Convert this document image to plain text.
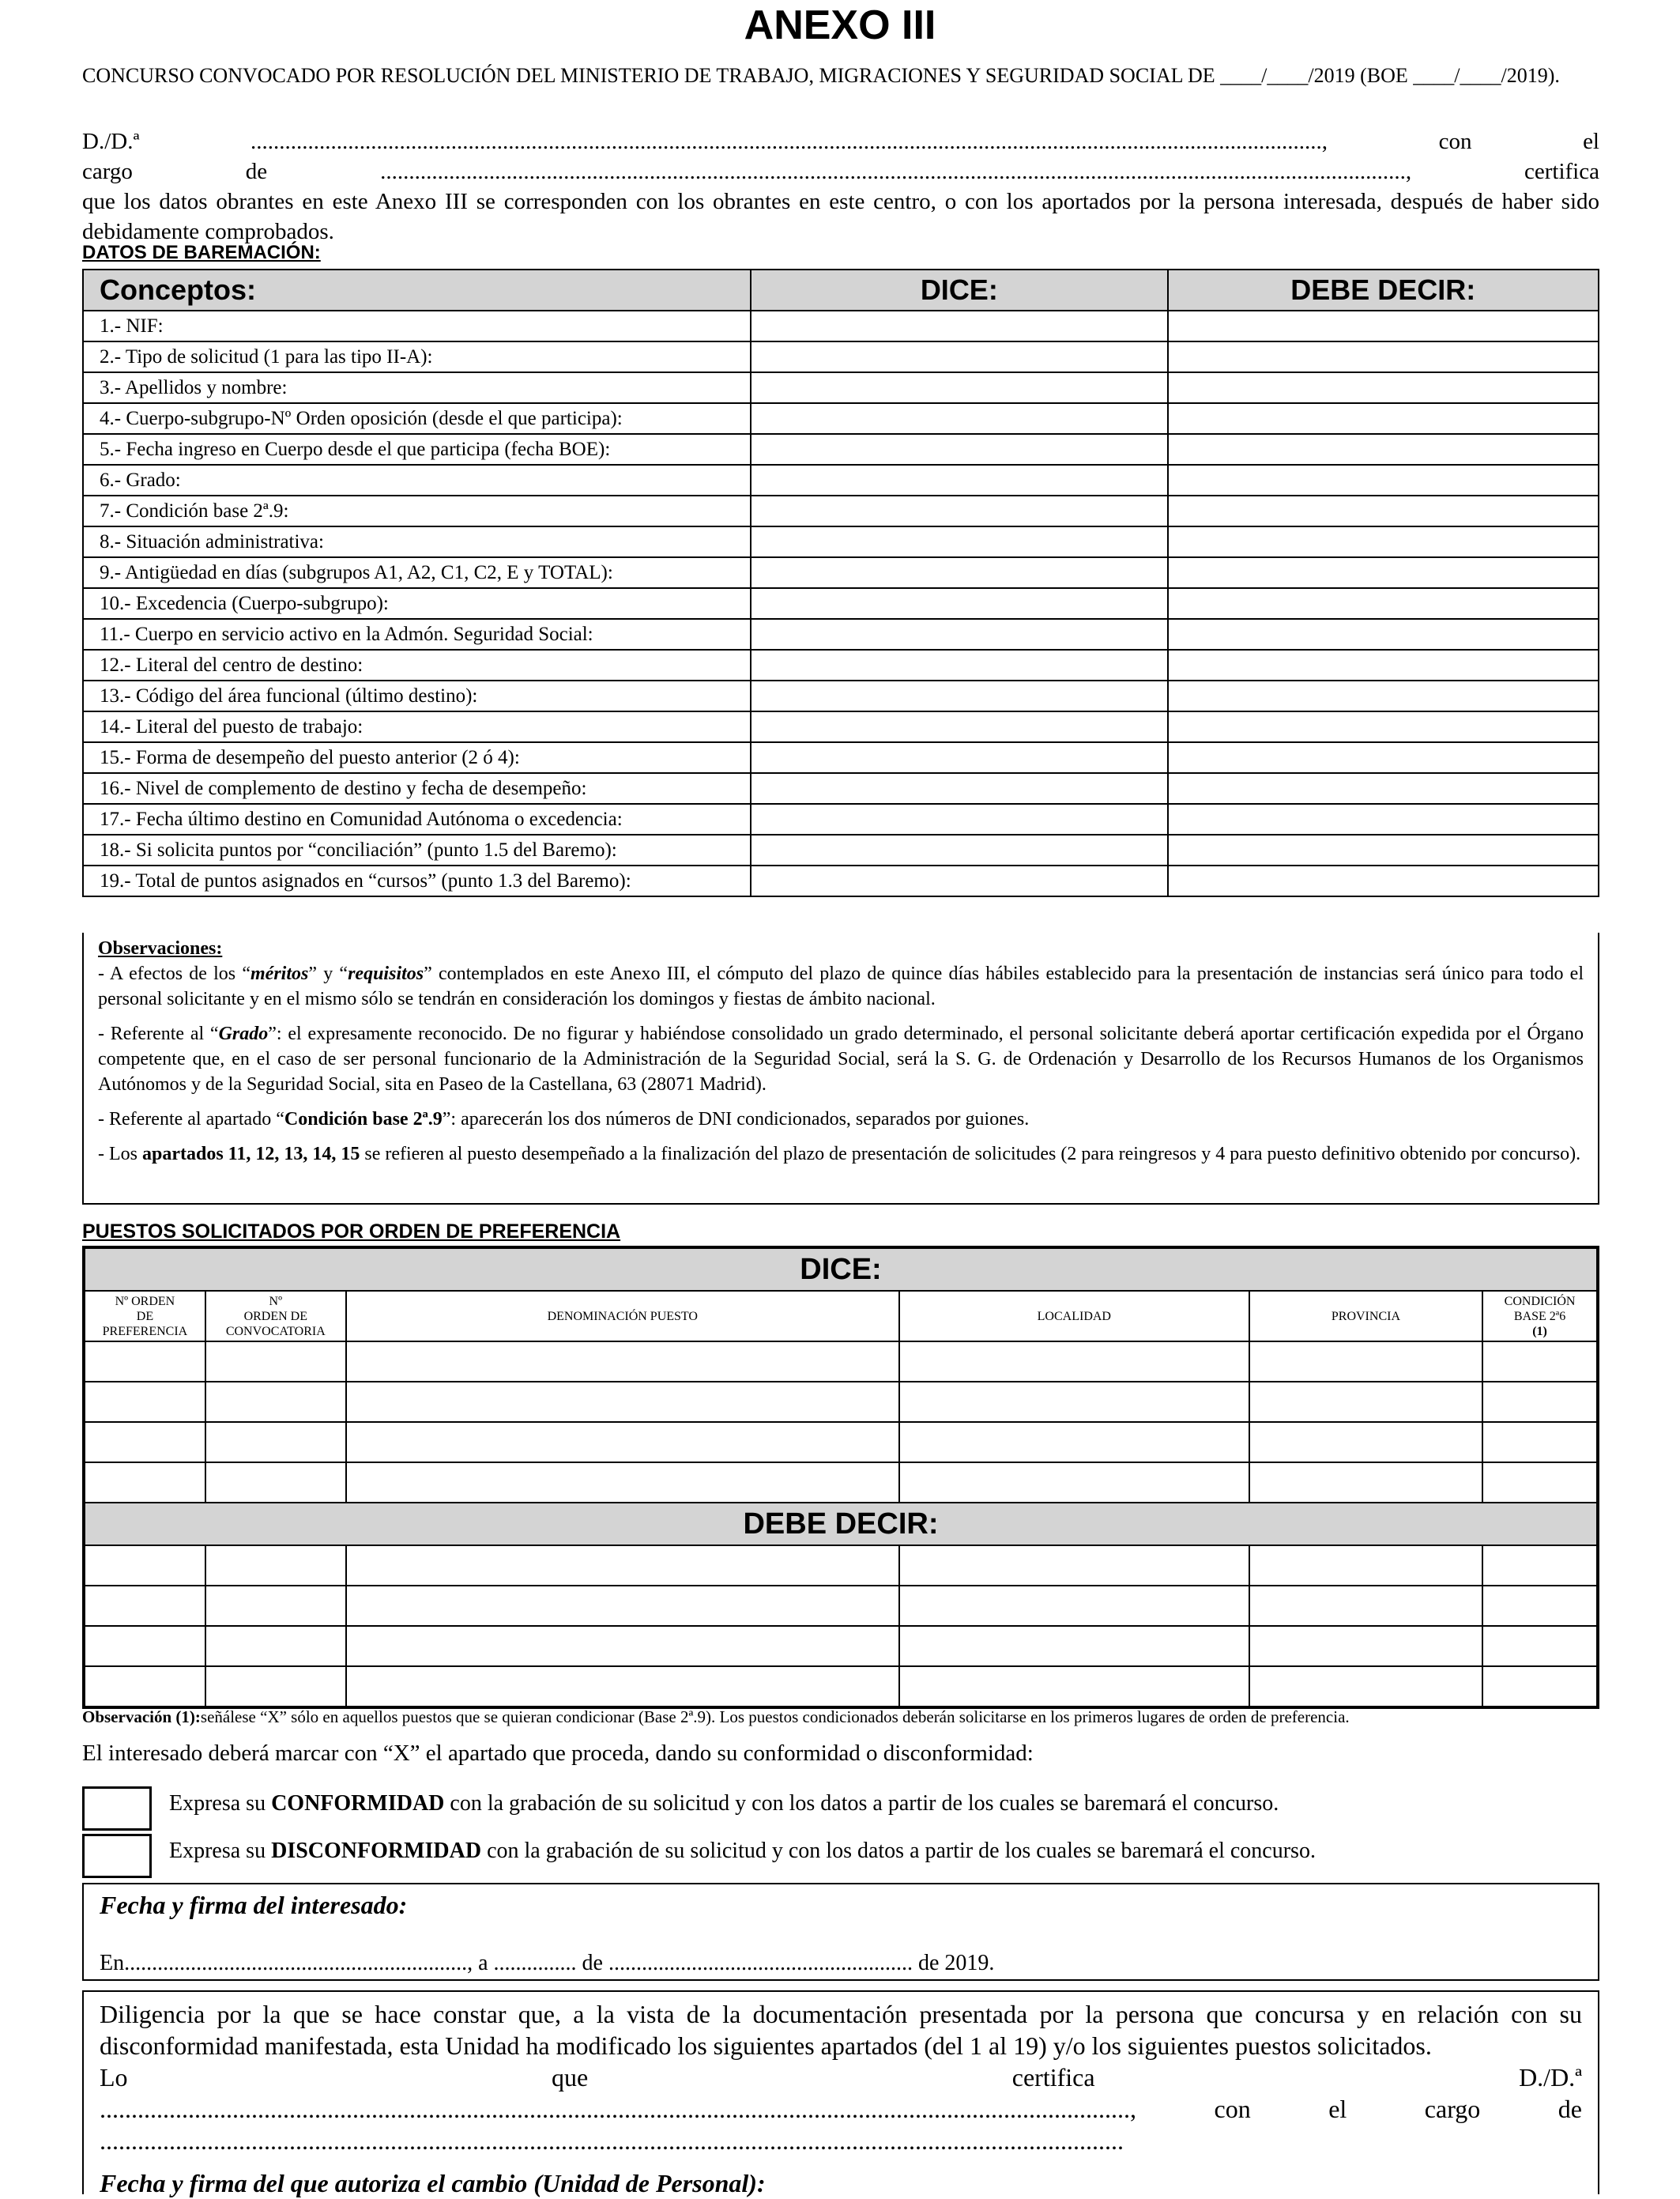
ANEXO III
CONCURSO CONVOCADO POR RESOLUCIÓN DEL MINISTERIO DE TRABAJO, MIGRACIONES Y SEGURIDAD SOCIAL DE ____/____/2019 (BOE ____/____/2019).
D./D.ª ..........................................................................................................................................................................................., con el
cargo de ..................................................................................................................................................................................., certifica
que los datos obrantes en este Anexo III se corresponden con los obrantes en este centro, o con los aportados por la persona interesada, después de haber sido debidamente comprobados.
DATOS DE BAREMACIÓN:
Conceptos:	DICE:	DEBE DECIR:
1.- NIF:		
2.- Tipo de solicitud (1 para las tipo II-A):		
3.- Apellidos y nombre:		
4.- Cuerpo-subgrupo-Nº Orden oposición (desde el que participa):		
5.- Fecha ingreso en Cuerpo desde el que participa (fecha BOE):		
6.- Grado:		
7.- Condición base 2ª.9:		
8.- Situación administrativa:		
9.- Antigüedad en días (subgrupos A1, A2, C1, C2, E y TOTAL):		
10.- Excedencia (Cuerpo-subgrupo):		
11.- Cuerpo en servicio activo en la Admón. Seguridad Social:		
12.- Literal del centro de destino:		
13.- Código del área funcional (último destino):		
14.- Literal del puesto de trabajo:		
15.- Forma de desempeño del puesto anterior (2 ó 4):		
16.- Nivel de complemento de destino y fecha de desempeño:		
17.- Fecha último destino en Comunidad Autónoma o excedencia:		
18.- Si solicita puntos por “conciliación” (punto 1.5 del Baremo):		
19.- Total de puntos asignados en “cursos” (punto 1.3 del Baremo):		

Observaciones:

- A efectos de los “méritos” y “requisitos” contemplados en este Anexo III, el cómputo del plazo de quince días hábiles establecido para la presentación de instancias será único para todo el personal solicitante y en el mismo sólo se tendrán en consideración los domingos y fiestas de ámbito nacional.

- Referente al “Grado”: el expresamente reconocido. De no figurar y habiéndose consolidado un grado determinado, el personal solicitante deberá aportar certificación expedida por el Órgano competente que, en el caso de ser personal funcionario de la Administración de la Seguridad Social, será la S. G. de Ordenación y Desarrollo de los Recursos Humanos de los Organismos Autónomos y de la Seguridad Social, sita en Paseo de la Castellana, 63 (28071 Madrid).

- Referente al apartado “Condición base 2ª.9”: aparecerán los dos números de DNI condicionados, separados por guiones.

- Los apartados 11, 12, 13, 14, 15 se refieren al puesto desempeñado a la finalización del plazo de presentación de solicitudes (2 para reingresos y 4 para puesto definitivo obtenido por concurso).

PUESTOS SOLICITADOS POR ORDEN DE PREFERENCIA
DICE:					
Nº ORDEN
DE
PREFERENCIA	Nº
ORDEN DE
CONVOCATORIA	DENOMINACIÓN PUESTO	LOCALIDAD	PROVINCIA	CONDICIÓN
BASE 2ª6
(1)

DEBE DECIR:					

Observación (1):señálese “X” sólo en aquellos puestos que se quieran condicionar (Base 2ª.9). Los puestos condicionados deberán solicitarse en los primeros lugares de orden de preferencia.
El interesado deberá marcar con “X” el apartado que proceda, dando su conformidad o disconformidad:
Expresa su CONFORMIDAD con la grabación de su solicitud y con los datos a partir de los cuales se baremará el concurso.
Expresa su DISCONFORMIDAD con la grabación de su solicitud y con los datos a partir de los cuales se baremará el concurso.
Fecha y firma del interesado:
En.............................................................., a ............... de ....................................................... de 2019.

Diligencia por la que se hace constar que, a la vista de la documentación presentada por la persona que concursa y en relación con su disconformidad manifestada, esta Unidad ha modificado los siguientes apartados (del 1 al 19) y/o los siguientes puestos solicitados.

Lo que certifica D./D.ª

..................................................................................................................................................................., con el cargo de

..................................................................................................................................................................

Fecha y firma del que autoriza el cambio (Unidad de Personal):
